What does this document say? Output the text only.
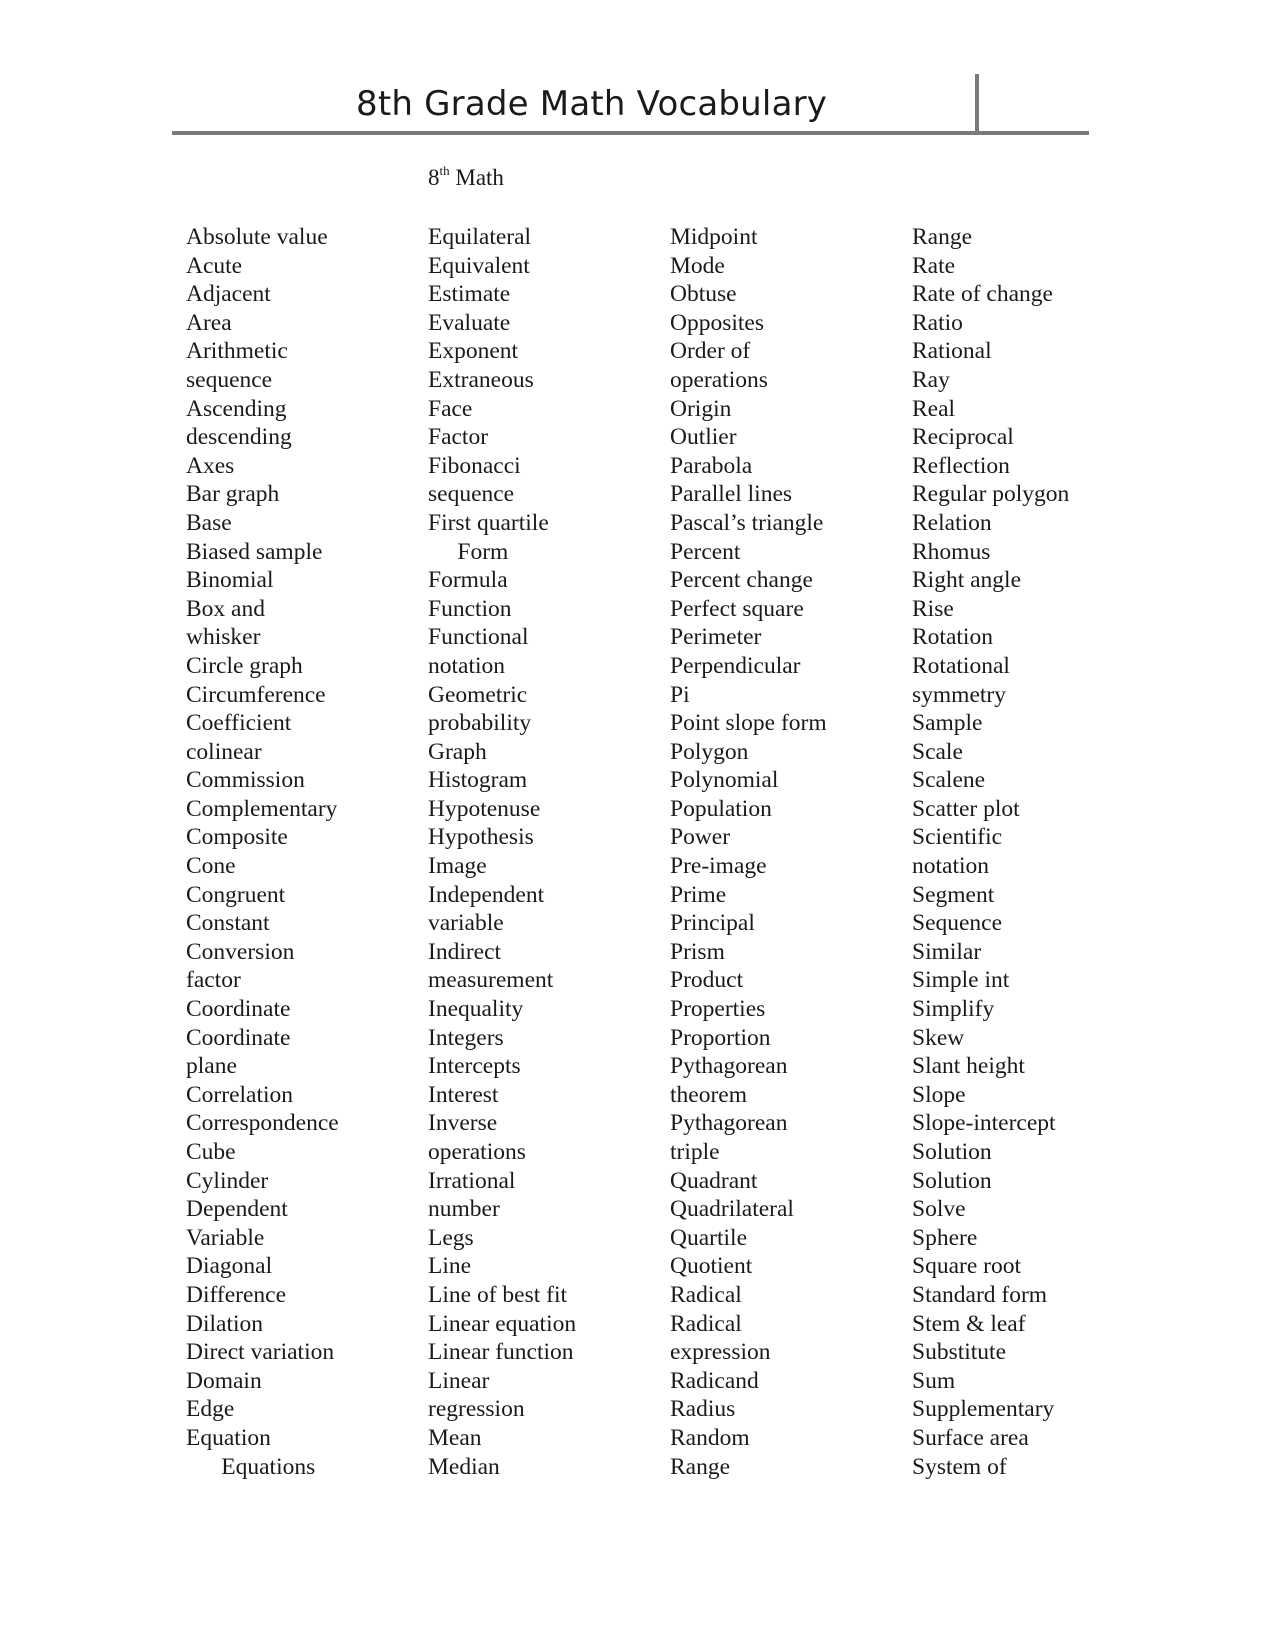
8th Grade Math Vocabulary
8th Math
Absolute value
Acute
Adjacent
Area
Arithmetic
sequence
Ascending
descending
Axes
Bar graph
Base
Biased sample
Binomial
Box and
whisker
Circle graph
Circumference
Coefficient
colinear
Commission
Complementary
Composite
Cone
Congruent
Constant
Conversion
factor
Coordinate
Coordinate
plane
Correlation
Correspondence
Cube
Cylinder
Dependent
Variable
Diagonal
Difference
Dilation
Direct variation
Domain
Edge
Equation
Equations
Equilateral
Equivalent
Estimate
Evaluate
Exponent
Extraneous
Face
Factor
Fibonacci
sequence
First quartile
Form
Formula
Function
Functional
notation
Geometric
probability
Graph
Histogram
Hypotenuse
Hypothesis
Image
Independent
variable
Indirect
measurement
Inequality
Integers
Intercepts
Interest
Inverse
operations
Irrational
number
Legs
Line
Line of best fit
Linear equation
Linear function
Linear
regression
Mean
Median
Midpoint
Mode
Obtuse
Opposites
Order of
operations
Origin
Outlier
Parabola
Parallel lines
Pascal’s triangle
Percent
Percent change
Perfect square
Perimeter
Perpendicular
Pi
Point slope form
Polygon
Polynomial
Population
Power
Pre-image
Prime
Principal
Prism
Product
Properties
Proportion
Pythagorean
theorem
Pythagorean
triple
Quadrant
Quadrilateral
Quartile
Quotient
Radical
Radical
expression
Radicand
Radius
Random
Range
Range
Rate
Rate of change
Ratio
Rational
Ray
Real
Reciprocal
Reflection
Regular polygon
Relation
Rhomus
Right angle
Rise
Rotation
Rotational
symmetry
Sample
Scale
Scalene
Scatter plot
Scientific
notation
Segment
Sequence
Similar
Simple int
Simplify
Skew
Slant height
Slope
Slope-intercept
Solution
Solution
Solve
Sphere
Square root
Standard form
Stem & leaf
Substitute
Sum
Supplementary
Surface area
System of
